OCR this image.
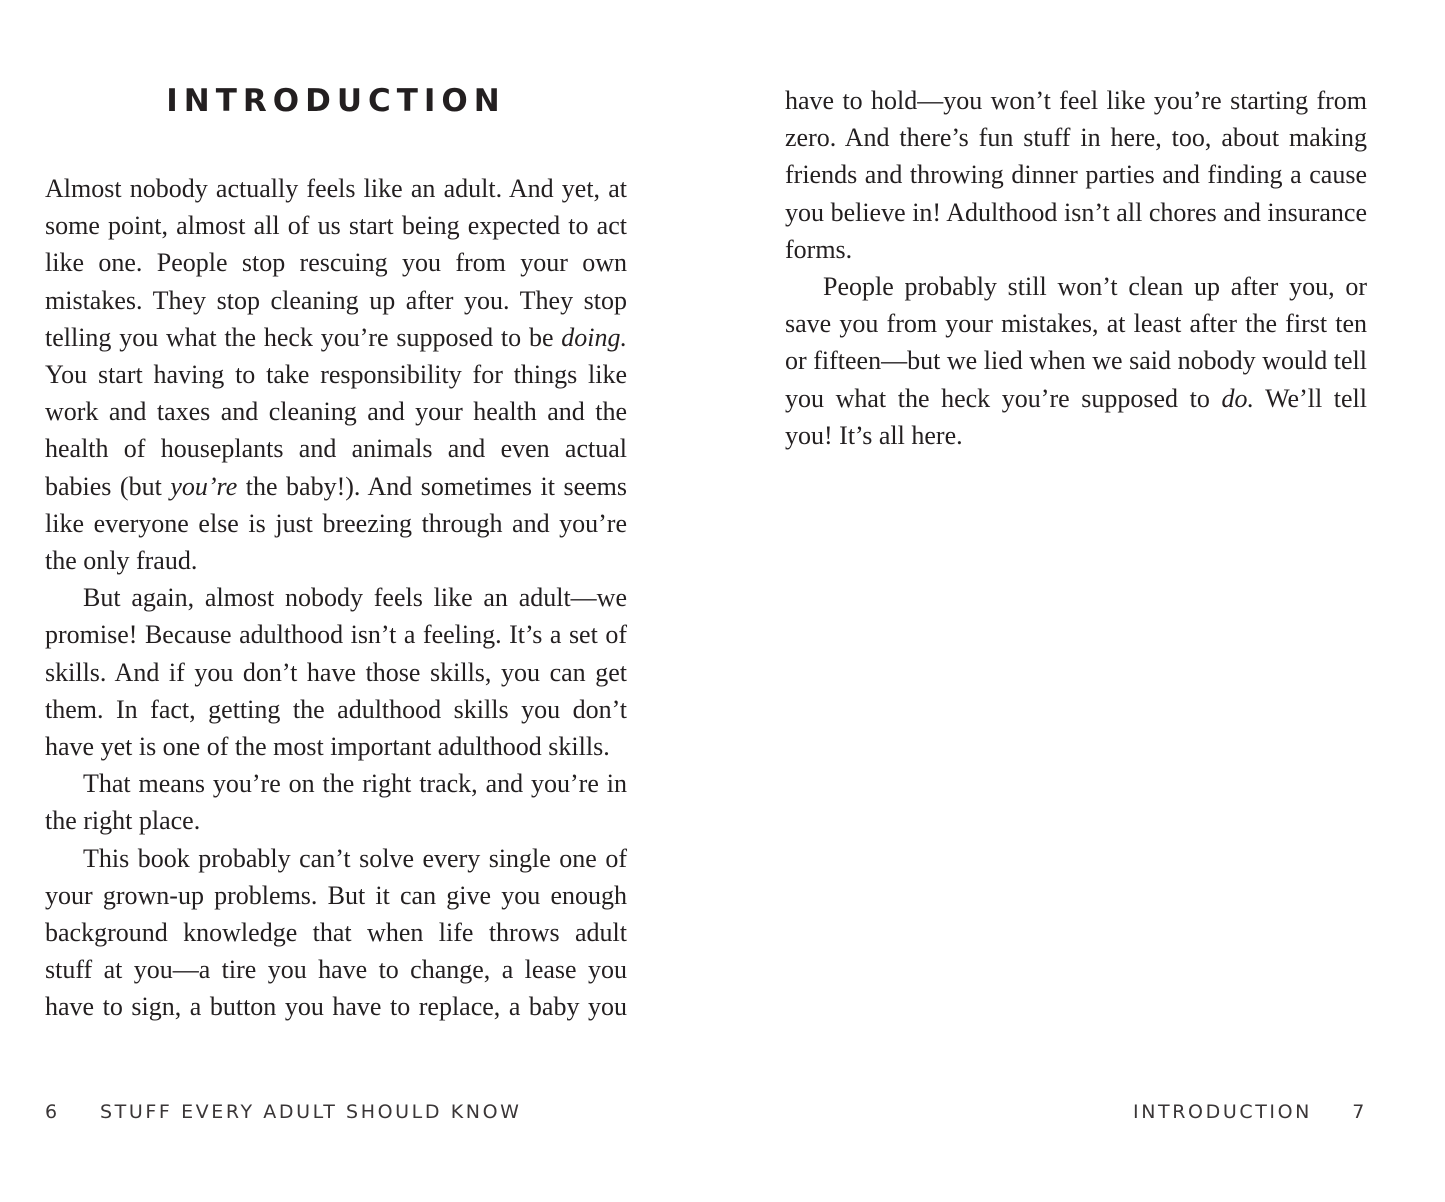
INTRODUCTION

Almost nobody actually feels like an adult. And yet, at some point, almost all of us start being expected to act like one. People stop rescuing you from your own mistakes. They stop cleaning up after you. They stop telling you what the heck you’re supposed to be doing. You start having to take responsibility for things like work and taxes and cleaning and your health and the health of houseplants and animals and even actual babies (but you’re the baby!). And sometimes it seems like everyone else is just breezing through and you’re the only fraud.

But again, almost nobody feels like an adult—we promise! Because adulthood isn’t a feeling. It’s a set of skills. And if you don’t have those skills, you can get them. In fact, getting the adulthood skills you don’t have yet is one of the most important adulthood skills.

That means you’re on the right track, and you’re in the right place.

This book probably can’t solve every single one of your grown-up problems. But it can give you enough background knowledge that when life throws adult stuff at you—a tire you have to change, a lease you have to sign, a button you have to replace, a baby you

6 STUFF EVERY ADULT SHOULD KNOW

have to hold—you won’t feel like you’re starting from zero. And there’s fun stuff in here, too, about making friends and throwing dinner parties and finding a cause you believe in! Adulthood isn’t all chores and insurance forms.

People probably still won’t clean up after you, or save you from your mistakes, at least after the first ten or fifteen—but we lied when we said nobody would tell you what the heck you’re supposed to do. We’ll tell you! It’s all here.

INTRODUCTION 7
